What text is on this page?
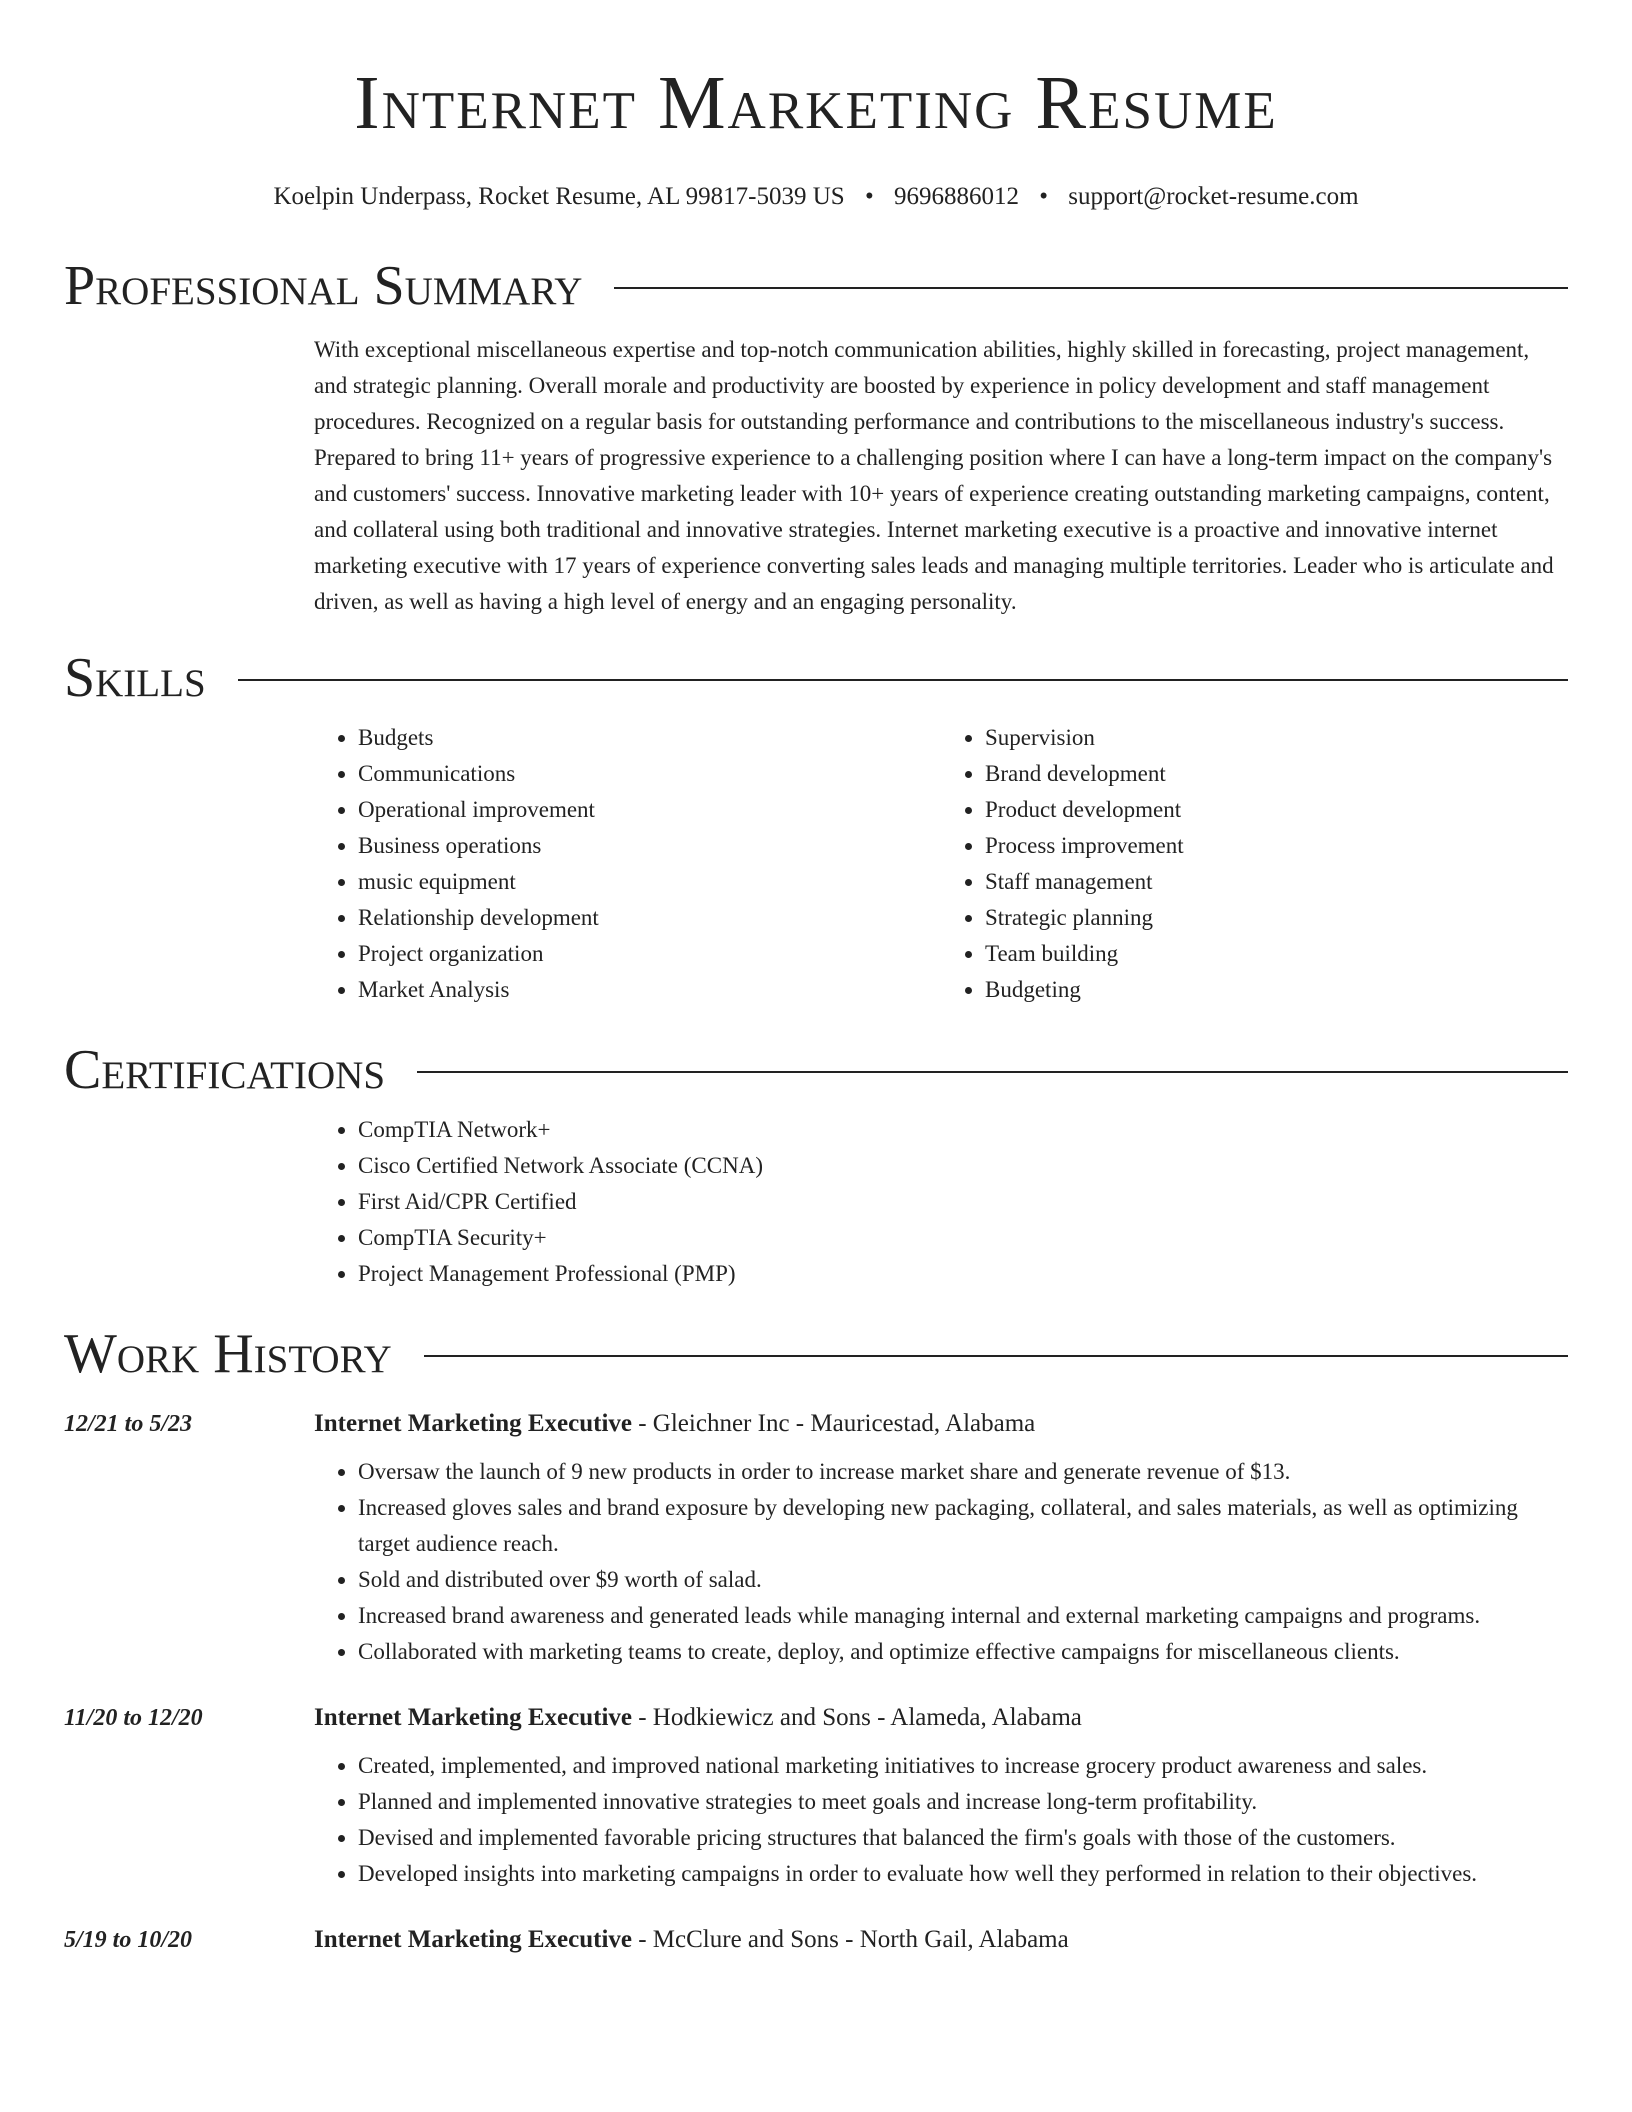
Internet Marketing Resume
Koelpin Underpass, Rocket Resume, AL 99817-5039 US • 9696886012 • support@rocket-resume.com
Professional Summary

With exceptional miscellaneous expertise and top-notch communication abilities, highly skilled in forecasting, project management, and strategic planning. Overall morale and productivity are boosted by experience in policy development and staff management procedures. Recognized on a regular basis for outstanding performance and contributions to the miscellaneous industry's success. Prepared to bring 11+ years of progressive experience to a challenging position where I can have a long-term impact on the company's and customers' success. Innovative marketing leader with 10+ years of experience creating outstanding marketing campaigns, content, and collateral using both traditional and innovative strategies. Internet marketing executive is a proactive and innovative internet marketing executive with 17 years of experience converting sales leads and managing multiple territories. Leader who is articulate and driven, as well as having a high level of energy and an engaging personality.

Skills
• Budgets
• Communications
• Operational improvement
• Business operations
• music equipment
• Relationship development
• Project organization
• Market Analysis
• Supervision
• Brand development
• Product development
• Process improvement
• Staff management
• Strategic planning
• Team building
• Budgeting
Certifications
• CompTIA Network+
• Cisco Certified Network Associate (CCNA)
• First Aid/CPR Certified
• CompTIA Security+
• Project Management Professional (PMP)
Work History
12/21 to 5/23	Internet Marketing Executive - Gleichner Inc - Mauricestad, Alabama
• Oversaw the launch of 9 new products in order to increase market share and generate revenue of $13.
• Increased gloves sales and brand exposure by developing new packaging, collateral, and sales materials, as well as optimizing target audience reach.
• Sold and distributed over $9 worth of salad.
• Increased brand awareness and generated leads while managing internal and external marketing campaigns and programs.
• Collaborated with marketing teams to create, deploy, and optimize effective campaigns for miscellaneous clients.
11/20 to 12/20	Internet Marketing Executive - Hodkiewicz and Sons - Alameda, Alabama
• Created, implemented, and improved national marketing initiatives to increase grocery product awareness and sales.
• Planned and implemented innovative strategies to meet goals and increase long-term profitability.
• Devised and implemented favorable pricing structures that balanced the firm's goals with those of the customers.
• Developed insights into marketing campaigns in order to evaluate how well they performed in relation to their objectives.
5/19 to 10/20	Internet Marketing Executive - McClure and Sons - North Gail, Alabama
